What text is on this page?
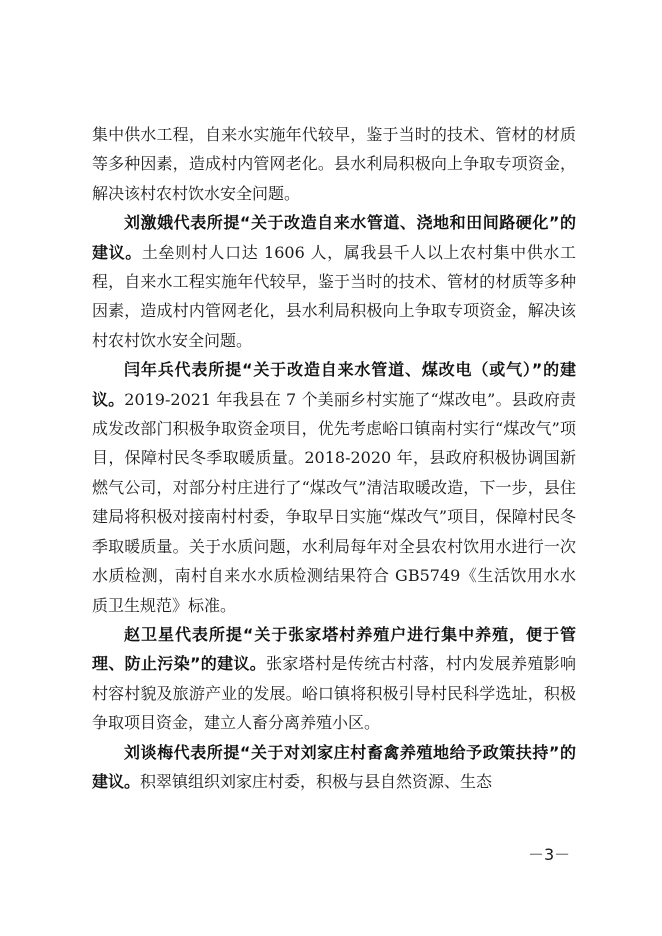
集中供水工程，自来水实施年代较早，鉴于当时的技术、管材的材质等多种因素，造成村内管网老化。县水利局积极向上争取专项资金，解决该村农村饮水安全问题。

刘激娥代表所提“关于改造自来水管道、浇地和田间路硬化”的建议。土垒则村人口达 1606 人，属我县千人以上农村集中供水工程，自来水工程实施年代较早，鉴于当时的技术、管材的材质等多种因素，造成村内管网老化，县水利局积极向上争取专项资金，解决该村农村饮水安全问题。

闫年兵代表所提“关于改造自来水管道、煤改电（或气）”的建议。2019-2021 年我县在 7 个美丽乡村实施了“煤改电”。县政府责成发改部门积极争取资金项目，优先考虑峪口镇南村实行“煤改气”项目，保障村民冬季取暖质量。2018-2020 年，县政府积极协调国新燃气公司，对部分村庄进行了“煤改气”清洁取暖改造，下一步，县住建局将积极对接南村村委，争取早日实施“煤改气”项目，保障村民冬季取暖质量。关于水质问题，水利局每年对全县农村饮用水进行一次水质检测，南村自来水水质检测结果符合 GB5749《生活饮用水水质卫生规范》标准。

赵卫星代表所提“关于张家塔村养殖户进行集中养殖，便于管理、防止污染”的建议。张家塔村是传统古村落，村内发展养殖影响村容村貌及旅游产业的发展。峪口镇将积极引导村民科学选址，积极争取项目资金，建立人畜分离养殖小区。

刘谈梅代表所提“关于对刘家庄村畜禽养殖地给予政策扶持”的建议。积翠镇组织刘家庄村委，积极与县自然资源、生态

－3－
